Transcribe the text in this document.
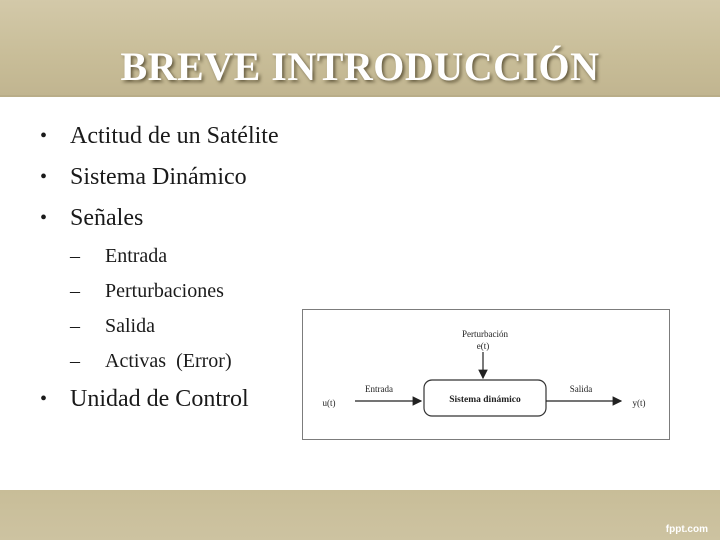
BREVE INTRODUCCIÓN
• Actitud de un Satélite
• Sistema Dinámico
• Señales
– Entrada
– Perturbaciones
– Salida
– Activas  (Error)
• Unidad de Control
Perturbación
e(t)
Entrada
u(t)	Sistema dinámico
Salida
y(t)
fppt.com
